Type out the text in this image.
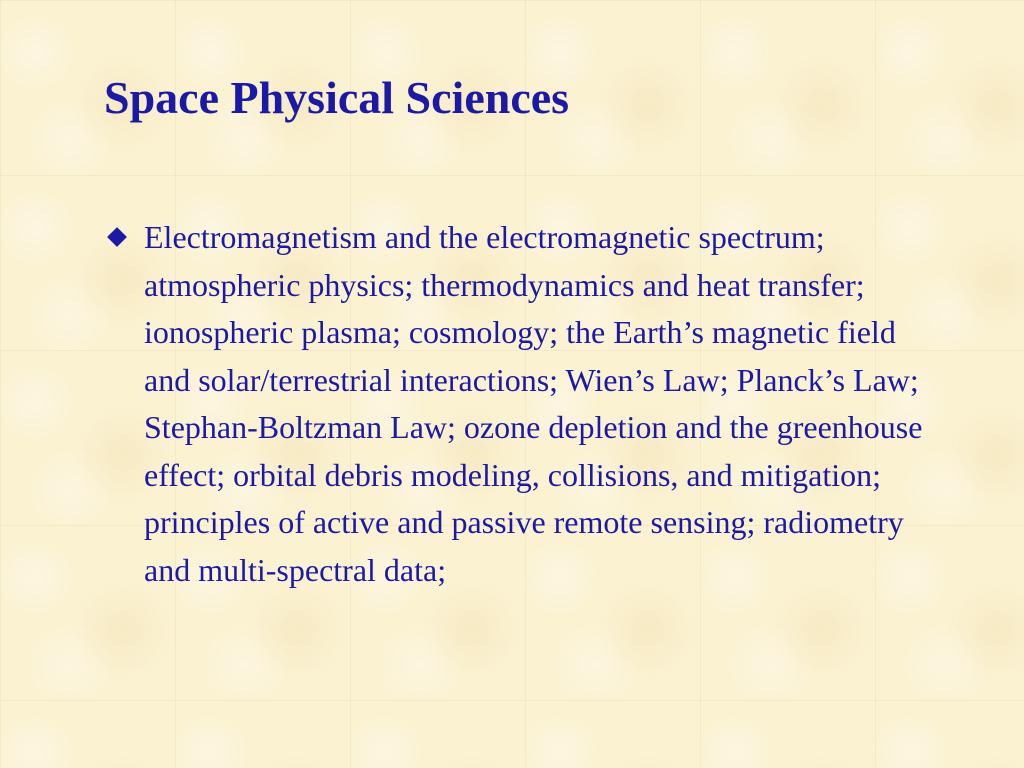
Space Physical Sciences
Electromagnetism and the electromagnetic spectrum; atmospheric physics; thermodynamics and heat transfer; ionospheric plasma; cosmology; the Earth’s magnetic field and solar/terrestrial interactions; Wien’s Law; Planck’s Law; Stephan-Boltzman Law; ozone depletion and the greenhouse effect; orbital debris modeling, collisions, and mitigation; principles of active and passive remote sensing; radiometry and multi-spectral data;
